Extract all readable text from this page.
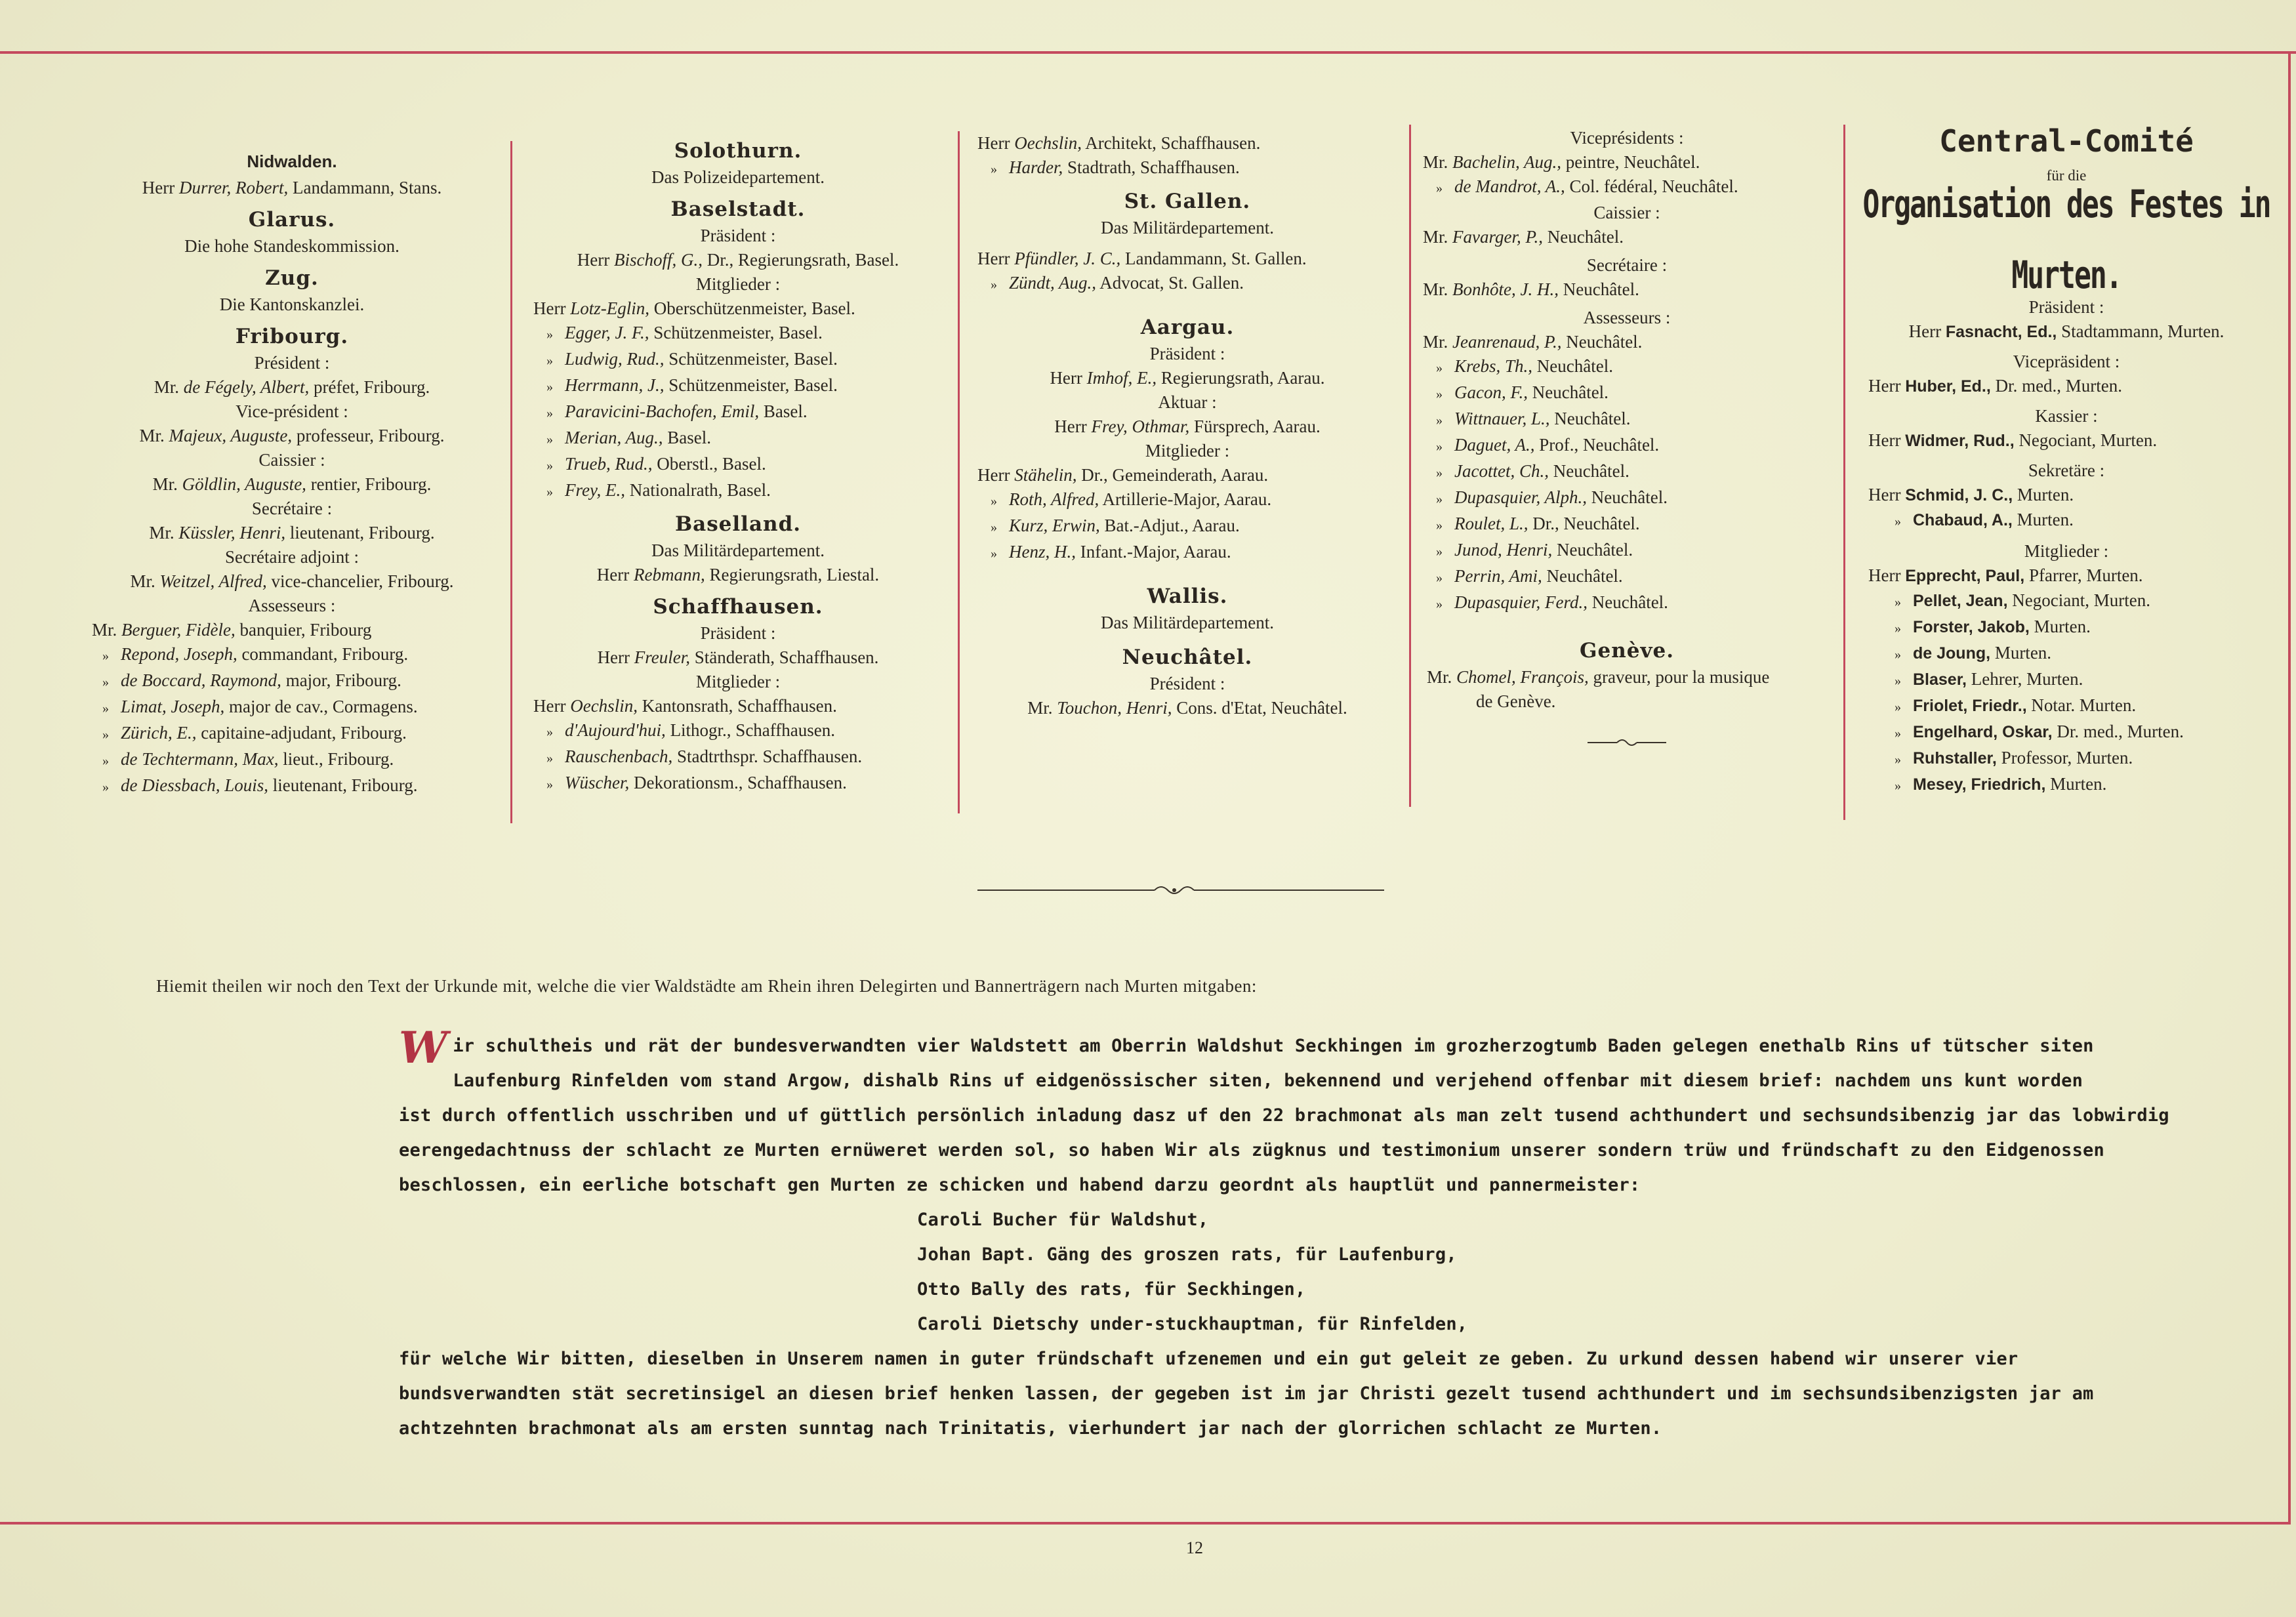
Nidwalden.
Herr Durrer, Robert, Landammann, Stans.
Glarus.
Die hohe Standeskommission.
Zug.
Die Kantonskanzlei.
Fribourg.
Président :
Mr. de Fégely, Albert, préfet, Fribourg.
Vice-président :
Mr. Majeux, Auguste, professeur, Fribourg.
Caissier :
Mr. Göldlin, Auguste, rentier, Fribourg.
Secrétaire :
Mr. Küssler, Henri, lieutenant, Fribourg.
Secrétaire adjoint :
Mr. Weitzel, Alfred, vice-chancelier, Fribourg.
Assesseurs :
Mr. Berguer, Fidèle, banquier, Fribourg
» Repond, Joseph, commandant, Fribourg.
» de Boccard, Raymond, major, Fribourg.
» Limat, Joseph, major de cav., Cormagens.
» Zürich, E., capitaine-adjudant, Fribourg.
» de Techtermann, Max, lieut., Fribourg.
» de Diessbach, Louis, lieutenant, Fribourg.
Solothurn.
Das Polizeidepartement.
Baselstadt.
Präsident :
Herr Bischoff, G., Dr., Regierungsrath, Basel.
Mitglieder :
Herr Lotz-Eglin, Oberschützenmeister, Basel.
» Egger, J. F., Schützenmeister, Basel.
» Ludwig, Rud., Schützenmeister, Basel.
» Herrmann, J., Schützenmeister, Basel.
» Paravicini-Bachofen, Emil, Basel.
» Merian, Aug., Basel.
» Trueb, Rud., Oberstl., Basel.
» Frey, E., Nationalrath, Basel.
Baselland.
Das Militärdepartement.
Herr Rebmann, Regierungsrath, Liestal.
Schaffhausen.
Präsident :
Herr Freuler, Ständerath, Schaffhausen.
Mitglieder :
Herr Oechslin, Kantonsrath, Schaffhausen.
» d'Aujourd'hui, Lithogr., Schaffhausen.
» Rauschenbach, Stadtrthspr. Schaffhausen.
» Wüscher, Dekorationsm., Schaffhausen.
Herr Oechslin, Architekt, Schaffhausen.
» Harder, Stadtrath, Schaffhausen.
St. Gallen.
Das Militärdepartement.
Herr Pfündler, J. C., Landammann, St. Gallen.
» Zündt, Aug., Advocat, St. Gallen.
Aargau.
Präsident :
Herr Imhof, E., Regierungsrath, Aarau.
Aktuar :
Herr Frey, Othmar, Fürsprech, Aarau.
Mitglieder :
Herr Stähelin, Dr., Gemeinderath, Aarau.
» Roth, Alfred, Artillerie-Major, Aarau.
» Kurz, Erwin, Bat.-Adjut., Aarau.
» Henz, H., Infant.-Major, Aarau.
Wallis.
Das Militärdepartement.
Neuchâtel.
Président :
Mr. Touchon, Henri, Cons. d'Etat, Neuchâtel.
Viceprésidents :
Mr. Bachelin, Aug., peintre, Neuchâtel.
» de Mandrot, A., Col. fédéral, Neuchâtel.
Caissier :
Mr. Favarger, P., Neuchâtel.
Secrétaire :
Mr. Bonhôte, J. H., Neuchâtel.
Assesseurs :
Mr. Jeanrenaud, P., Neuchâtel.
» Krebs, Th., Neuchâtel.
» Gacon, F., Neuchâtel.
» Wittnauer, L., Neuchâtel.
» Daguet, A., Prof., Neuchâtel.
» Jacottet, Ch., Neuchâtel.
» Dupasquier, Alph., Neuchâtel.
» Roulet, L., Dr., Neuchâtel.
» Junod, Henri, Neuchâtel.
» Perrin, Ami, Neuchâtel.
» Dupasquier, Ferd., Neuchâtel.
Genève.
Mr. Chomel, François, graveur, pour la musique
de Genève.
Central-Comité
für die
Organisation des Festes in Murten.
Präsident :
Herr Fasnacht, Ed., Stadtammann, Murten.
Vicepräsident :
Herr Huber, Ed., Dr. med., Murten.
Kassier :
Herr Widmer, Rud., Negociant, Murten.
Sekretäre :
Herr Schmid, J. C., Murten.
» Chabaud, A., Murten.
Mitglieder :
Herr Epprecht, Paul, Pfarrer, Murten.
» Pellet, Jean, Negociant, Murten.
» Forster, Jakob, Murten.
» de Joung, Murten.
» Blaser, Lehrer, Murten.
» Friolet, Friedr., Notar. Murten.
» Engelhard, Oskar, Dr. med., Murten.
» Ruhstaller, Professor, Murten.
» Mesey, Friedrich, Murten.
Hiemit theilen wir noch den Text der Urkunde mit, welche die vier Waldstädte am Rhein ihren Delegirten und Bannerträgern nach Murten mitgaben:
Wir schultheis und rät der bundesverwandten vier Waldstett am Oberrin Waldshut Seckhingen im grozherzogtumb Baden gelegen enethalb Rins uf tütscher siten
Laufenburg Rinfelden vom stand Argow, dishalb Rins uf eidgenössischer siten, bekennend und verjehend offenbar mit diesem brief: nachdem uns kunt worden
ist durch offentlich usschriben und uf güttlich persönlich inladung dasz uf den 22 brachmonat als man zelt tusend achthundert und sechsundsibenzig jar das lobwirdig
eerengedachtnuss der schlacht ze Murten ernüweret werden sol, so haben Wir als zügknus und testimonium unserer sondern trüw und fründschaft zu den Eidgenossen
beschlossen, ein eerliche botschaft gen Murten ze schicken und habend darzu geordnt als hauptlüt und pannermeister:
Caroli Bucher für Waldshut,
Johan Bapt. Gäng des groszen rats, für Laufenburg,
Otto Bally des rats, für Seckhingen,
Caroli Dietschy under-stuckhauptman, für Rinfelden,
für welche Wir bitten, dieselben in Unserem namen in guter fründschaft ufzenemen und ein gut geleit ze geben. Zu urkund dessen habend wir unserer vier
bundsverwandten stät secretinsigel an diesen brief henken lassen, der gegeben ist im jar Christi gezelt tusend achthundert und im sechsundsibenzigsten jar am
achtzehnten brachmonat als am ersten sunntag nach Trinitatis, vierhundert jar nach der glorrichen schlacht ze Murten.
12
